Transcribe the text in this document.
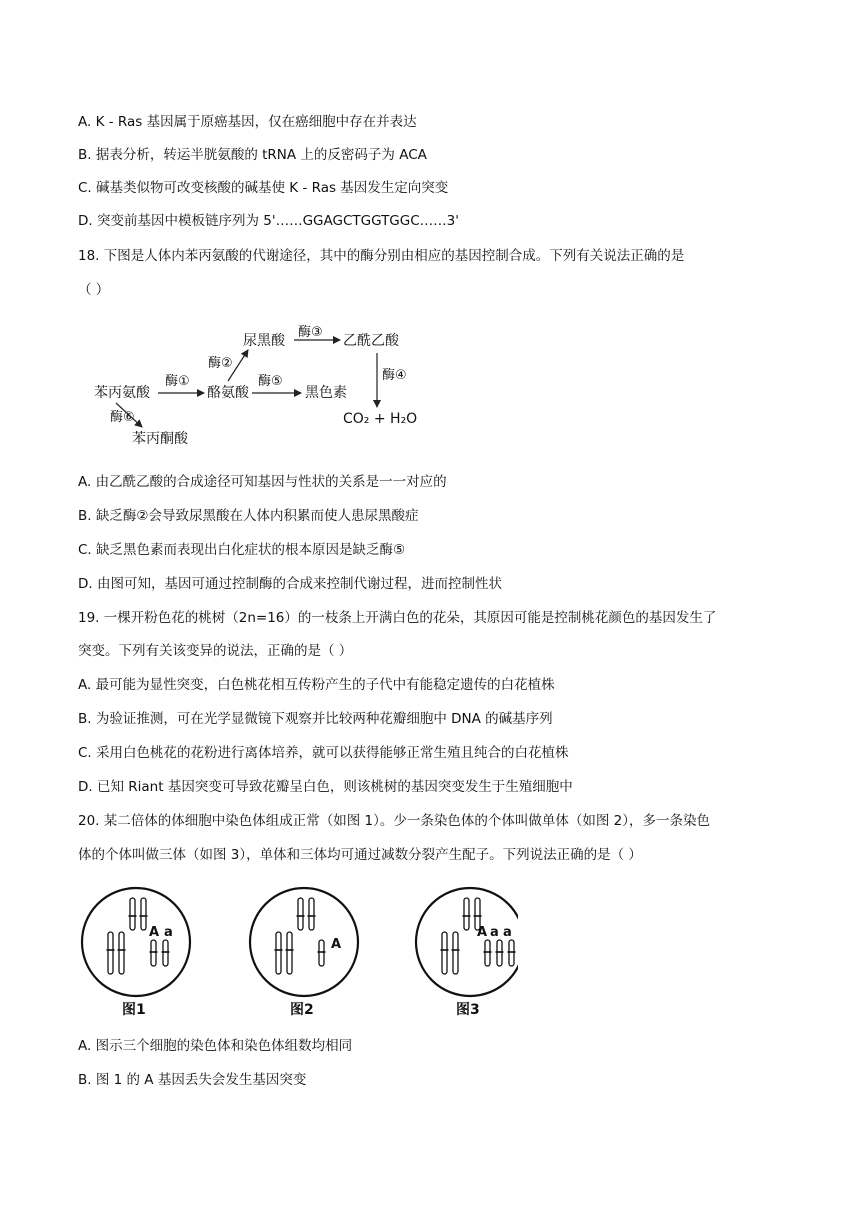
A. K - Ras 基因属于原癌基因，仅在癌细胞中存在并表达
B. 据表分析，转运半胱氨酸的 tRNA 上的反密码子为 ACA
C. 碱基类似物可改变核酸的碱基使 K - Ras 基因发生定向突变
D. 突变前基因中模板链序列为 5'……GGAGCTGGTGGC……3'
18. 下图是人体内苯丙氨酸的代谢途径，其中的酶分别由相应的基因控制合成。下列有关说法正确的是
（ ）
苯丙氨酸	酪氨酸
尿黑酸	乙酰乙酸
黑色素
苯丙酮酸
CO₂ + H₂O
酶①
酶②
酶③
酶④
酶⑤
酶⑥
A. 由乙酰乙酸的合成途径可知基因与性状的关系是一一对应的
B. 缺乏酶②会导致尿黑酸在人体内积累而使人患尿黑酸症
C. 缺乏黑色素而表现出白化症状的根本原因是缺乏酶⑤
D. 由图可知，基因可通过控制酶的合成来控制代谢过程，进而控制性状
19. 一棵开粉色花的桃树（2n=16）的一枝条上开满白色的花朵，其原因可能是控制桃花颜色的基因发生了
突变。下列有关该变异的说法，正确的是（ ）
A. 最可能为显性突变，白色桃花相互传粉产生的子代中有能稳定遗传的白花植株
B. 为验证推测，可在光学显微镜下观察并比较两种花瓣细胞中 DNA 的碱基序列
C. 采用白色桃花的花粉进行离体培养，就可以获得能够正常生殖且纯合的白花植株
D. 已知 Riant 基因突变可导致花瓣呈白色，则该桃树的基因突变发生于生殖细胞中
20. 某二倍体的体细胞中染色体组成正常（如图 1）。少一条染色体的个体叫做单体（如图 2），多一条染色
体的个体叫做三体（如图 3），单体和三体均可通过减数分裂产生配子。下列说法正确的是（ ）
图1	图2	图3
A a
A
A a a
A. 图示三个细胞的染色体和染色体组数均相同
B. 图 1 的 A 基因丢失会发生基因突变
